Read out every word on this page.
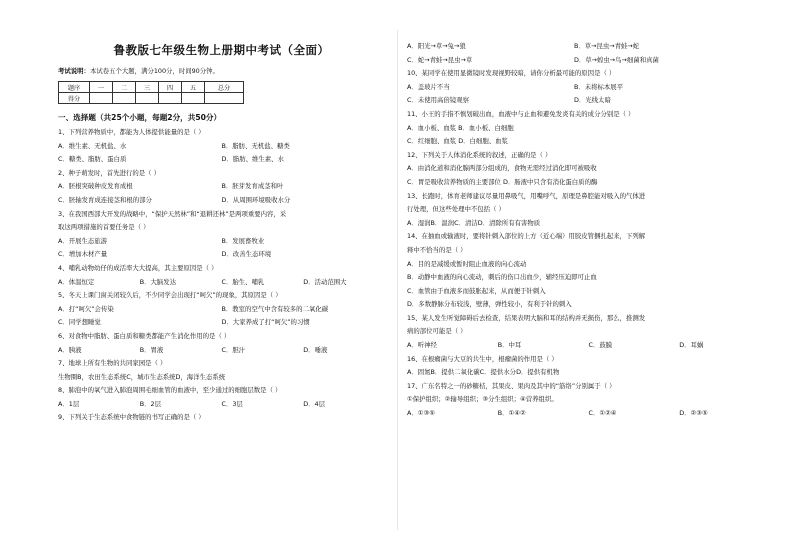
鲁教版七年级生物上册期中考试（全面）
考试说明：本试卷五个大题，满分100分，时间90分钟。
题序	一	二	三	四	五	总分
得分						
一、选择题（共25个小题，每题2分，共50分）
1、下列营养物质中，都能为人体提供能量的是（ ）
A．维生素、无机盐、水	B．脂肪、无机盐、糖类
C．糖类、脂肪、蛋白质	D．脂肪、维生素、水
2、种子萌发时，首先进行的是（ ）
A．胚根突破种皮发育成根	B．胚芽发育成茎和叶
C．胚轴发育成连接茎和根的部分	D．从周围环境吸收水分
3、在我国西部大开发的战略中，“保护天然林”和“退耕还林”是两项重要内容，采
取这两项措施的首要任务是（ ）
A．开展生态旅游	B．发展畜牧业
C．增加木材产量	D．改善生态环境
4、哺乳动物幼仔的成活率大大提高，其主要原因是（ ）
A．体温恒定	B．大脑发达	C．胎生、哺乳	D．活动范围大
5、冬天上课门窗关闭较久后，不少同学会出现打“呵欠”的现象，其原因是（ ）
A．打“呵欠”会传染	B．教室的空气中含有较多的二氧化碳
C．同学想睡觉	D．大家养成了打“呵欠”的习惯
6、对食物中脂肪、蛋白质和糖类都能产生消化作用的是（ ）
A．胰液	B．胃液	C．胆汁	D．唾液
7、地球上所有生物的共同家园是（ ）
生物圈B，农田生态系统C，城市生态系统D，海洋生态系统
8、肺泡中的氧气进入肺泡周围毛细血管的血液中，至少通过的细胞层数是（ ）
A．1层	B．2层	C．3层	D．4层
9、下列关于生态系统中食物链的书写正确的是（ ）
A．阳光→草→兔→狼	B．草→昆虫→青蛙→蛇
C．蛇→青蛙→昆虫→草	D．草→蝗虫→鸟→细菌和真菌
10、某同学在使用显微镜时发现视野较暗，请你分析最可能的原因是（ ）
A．盖玻片不当	B．未将标本展平
C．未使用高倍镜观察	D．光线太暗
11、小王的手指不慎划破出血，血液中与止血和避免发炎有关的成分分别是（ ）
A．血小板、血浆 B．血小板、白细胞
C．红细胞、血浆 D．白细胞、血浆
12、下列关于人体消化系统的叙述，正确的是（ ）
A．由消化道和消化腺两部分组成的，食物无需经过消化即可被吸收
C．胃是吸收营养物质的主要部位 D．肠液中只含有消化蛋白质的酶
13、长跑时，体育老师建议尽量用鼻吸气，用嘴呼气，原理是鼻腔能对吸入的气体进
行处理，但这些处理中不包括（ ）
A．湿润B．温润C．清洁D．清除所有有害物质
14、在抽血或输液时，要将针刺入部位的上方（近心端）用胶皮管捆扎起来，下列解
释中不恰当的是（ ）
A．目的是减缓或暂时阻止血液的向心流动
B．动静中血液的向心流动，刺后的伤口出血少，辅经压迫即可止血
C．血管由于血液多而鼓胀起来，从而便于针刺入
D．多数静脉分布较浅，壁薄，弹性较小，有利于针的刺入
15、某人发生听觉障碍后去检查，结果表明大脑和耳的结构并无损伤，那么，推测发
病的部位可能是（ ）
A．听神经	B．中耳	C．鼓膜	D．耳蜗
16、在根瘤菌与大豆的共生中，根瘤菌的作用是（ ）
A．固氮B．提供二氧化碳C．提供水分D．提供有机物
17、广东名特之一的砂糖桔，其果皮、果肉及其中的“筋络”分别属于（ ）
①保护组织；②输导组织；③分生组织；④营养组织。
A．①③⑤	B．①④②	C．①②④	D．②③⑤
